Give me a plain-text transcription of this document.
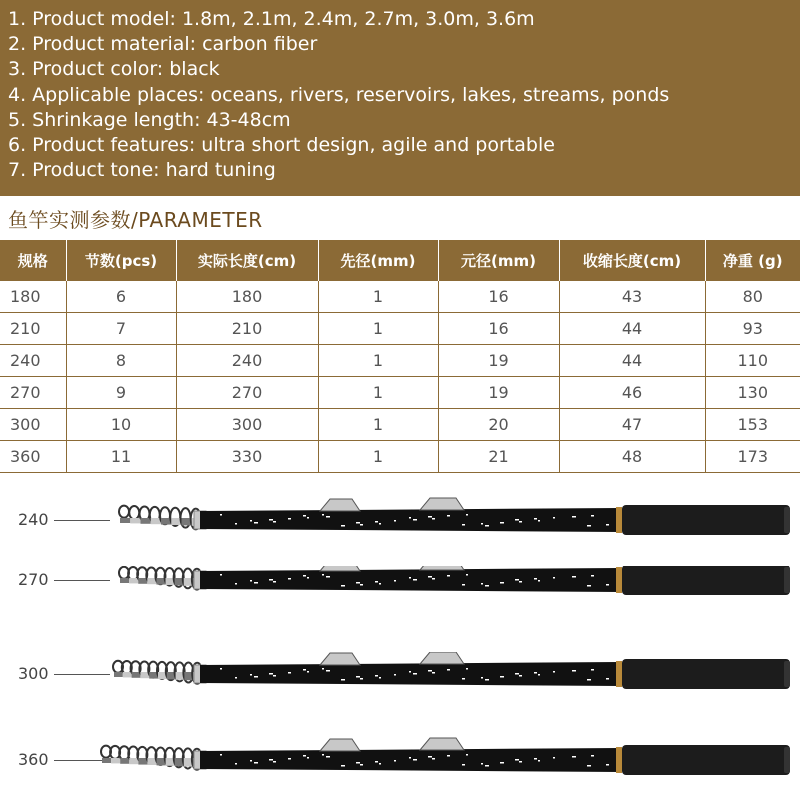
1. Product model: 1.8m, 2.1m, 2.4m, 2.7m, 3.0m, 3.6m
2. Product material: carbon fiber
3. Product color: black
4. Applicable places: oceans, rivers, reservoirs, lakes, streams, ponds
5. Shrinkage length: 43-48cm
6. Product features: ultra short design, agile and portable
7. Product tone: hard tuning
鱼竿实测参数/PARAMETER
规格	节数(pcs)	实际长度(cm)	先径(mm)	元径(mm)	收缩长度(cm)	净重 (g)
180	6	180	1	16	43	80
210	7	210	1	16	44	93
240	8	240	1	19	44	110
270	9	270	1	19	46	130
300	10	300	1	20	47	153
360	11	330	1	21	48	173
240
270
300
360
